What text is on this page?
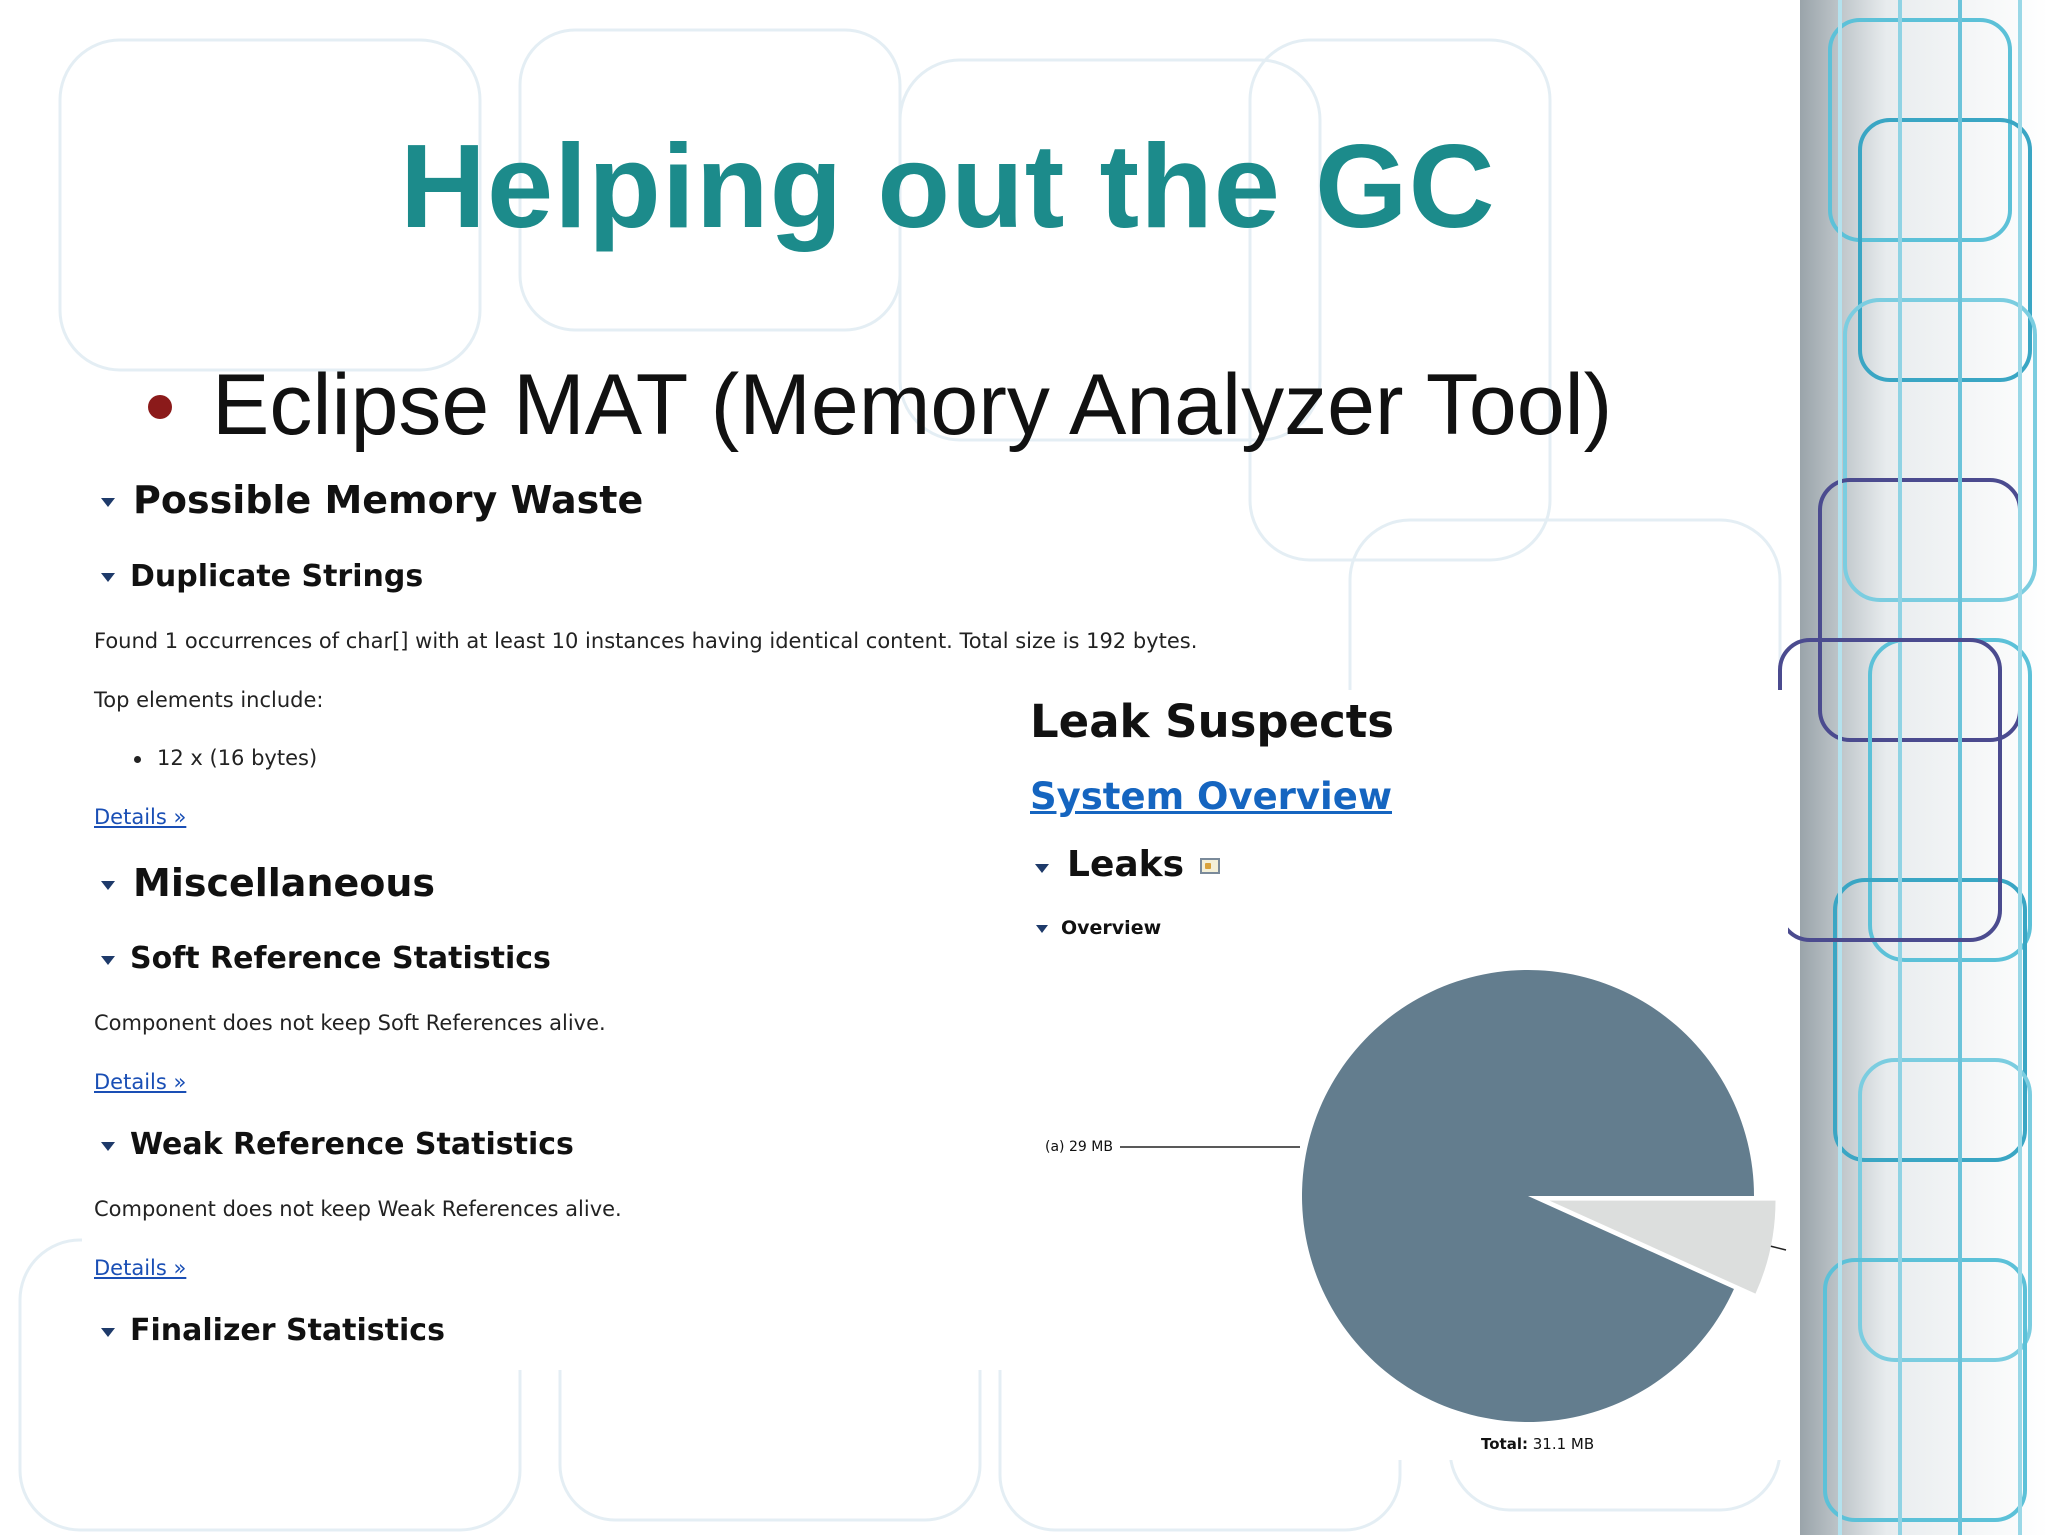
Helping out the GC
Eclipse MAT (Memory Analyzer Tool)
Possible Memory Waste
Duplicate Strings
Found 1 occurrences of char[] with at least 10 instances having identical content. Total size is 192 bytes.
Top elements include:
12 x (16 bytes)
Details »
Miscellaneous
Soft Reference Statistics
Component does not keep Soft References alive.
Details »
Weak Reference Statistics
Component does not keep Weak References alive.
Details »
Finalizer Statistics
Leak Suspects
System Overview
Leaks
Overview
(a) 29 MB
Total: 31.1 MB
